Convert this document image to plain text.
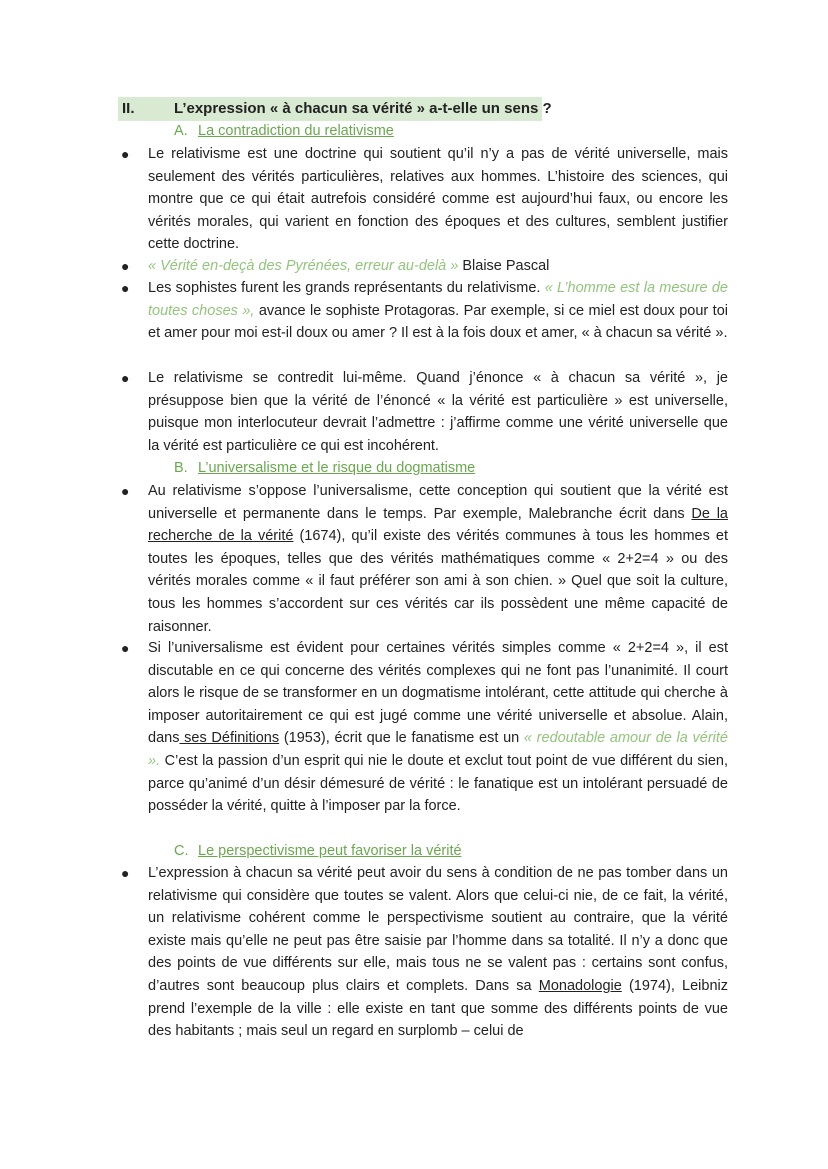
II.	L’expression « à chacun sa vérité » a-t-elle un sens ?
A. La contradiction du relativisme
● Le relativisme est une doctrine qui soutient qu’il n’y a pas de vérité universelle, mais seulement des vérités particulières, relatives aux hommes. L’histoire des sciences, qui montre que ce qui était autrefois considéré comme est aujourd’hui faux, ou encore les vérités morales, qui varient en fonction des époques et des cultures, semblent justifier cette doctrine.

● « Vérité en-deçà des Pyrénées, erreur au-delà » Blaise Pascal

● Les sophistes furent les grands représentants du relativisme. « L’homme est la mesure de toutes choses », avance le sophiste Protagoras. Par exemple, si ce miel est doux pour toi et amer pour moi est-il doux ou amer ? Il est à la fois doux et amer, « à chacun sa vérité ».

● Le relativisme se contredit lui-même. Quand j’énonce « à chacun sa vérité », je présuppose bien que la vérité de l’énoncé « la vérité est particulière » est universelle, puisque mon interlocuteur devrait l’admettre : j’affirme comme une vérité universelle que la vérité est particulière ce qui est incohérent.

B. L’universalisme et le risque du dogmatisme
● Au relativisme s’oppose l’universalisme, cette conception qui soutient que la vérité est universelle et permanente dans le temps. Par exemple, Malebranche écrit dans De la recherche de la vérité (1674), qu’il existe des vérités communes à tous les hommes et toutes les époques, telles que des vérités mathématiques comme « 2+2=4 » ou des vérités morales comme « il faut préférer son ami à son chien. » Quel que soit la culture, tous les hommes s’accordent sur ces vérités car ils possèdent une même capacité de raisonner.

● Si l’universalisme est évident pour certaines vérités simples comme « 2+2=4 », il est discutable en ce qui concerne des vérités complexes qui ne font pas l’unanimité. Il court alors le risque de se transformer en un dogmatisme intolérant, cette attitude qui cherche à imposer autoritairement ce qui est jugé comme une vérité universelle et absolue. Alain, dans ses Définitions (1953), écrit que le fanatisme est un « redoutable amour de la vérité ». C’est la passion d’un esprit qui nie le doute et exclut tout point de vue différent du sien, parce qu’animé d’un désir démesuré de vérité : le fanatique est un intolérant persuadé de posséder la vérité, quitte à l’imposer par la force.

C. Le perspectivisme peut favoriser la vérité
● L’expression à chacun sa vérité peut avoir du sens à condition de ne pas tomber dans un relativisme qui considère que toutes se valent. Alors que celui-ci nie, de ce fait, la vérité, un relativisme cohérent comme le perspectivisme soutient au contraire, que la vérité existe mais qu’elle ne peut pas être saisie par l’homme dans sa totalité. Il n’y a donc que des points de vue différents sur elle, mais tous ne se valent pas : certains sont confus, d’autres sont beaucoup plus clairs et complets. Dans sa Monadologie (1974), Leibniz prend l’exemple de la ville : elle existe en tant que somme des différents points de vue des habitants ; mais seul un regard en surplomb – celui de
